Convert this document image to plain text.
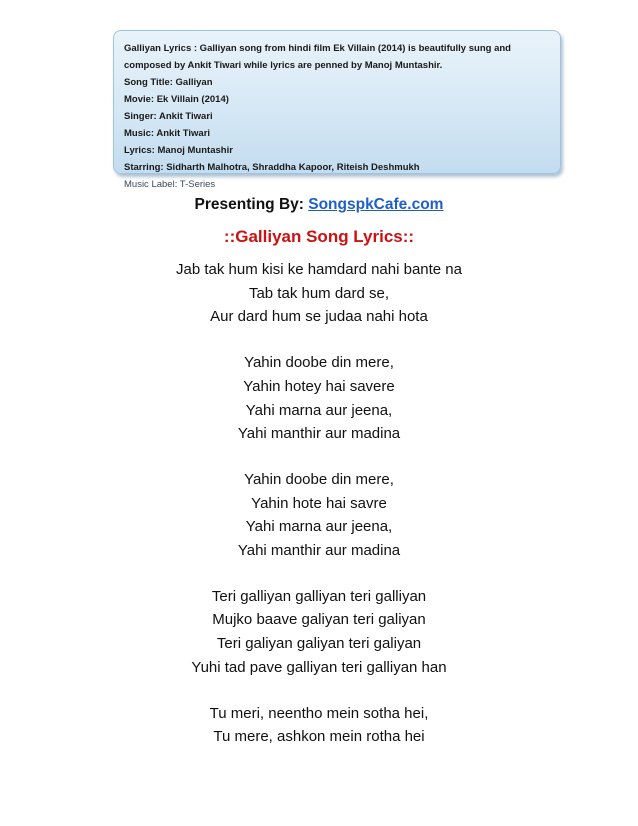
Galliyan Lyrics : Galliyan song from hindi film Ek Villain (2014) is beautifully sung and
composed by Ankit Tiwari while lyrics are penned by Manoj Muntashir.
Song Title: Galliyan
Movie: Ek Villain (2014)
Singer: Ankit Tiwari
Music: Ankit Tiwari
Lyrics: Manoj Muntashir
Starring: Sidharth Malhotra, Shraddha Kapoor, Riteish Deshmukh
Music Label: T-Series
Presenting By: SongspkCafe.com
::Galliyan Song Lyrics::
Jab tak hum kisi ke hamdard nahi bante na
Tab tak hum dard se,
Aur dard hum se judaa nahi hota
Yahin doobe din mere,
Yahin hotey hai savere
Yahi marna aur jeena,
Yahi manthir aur madina
Yahin doobe din mere,
Yahin hote hai savre
Yahi marna aur jeena,
Yahi manthir aur madina
Teri galliyan galliyan teri galliyan
Mujko baave galiyan teri galiyan
Teri galiyan galiyan teri galiyan
Yuhi tad pave galliyan teri galliyan han
Tu meri, neentho mein sotha hei,
Tu mere, ashkon mein rotha hei
